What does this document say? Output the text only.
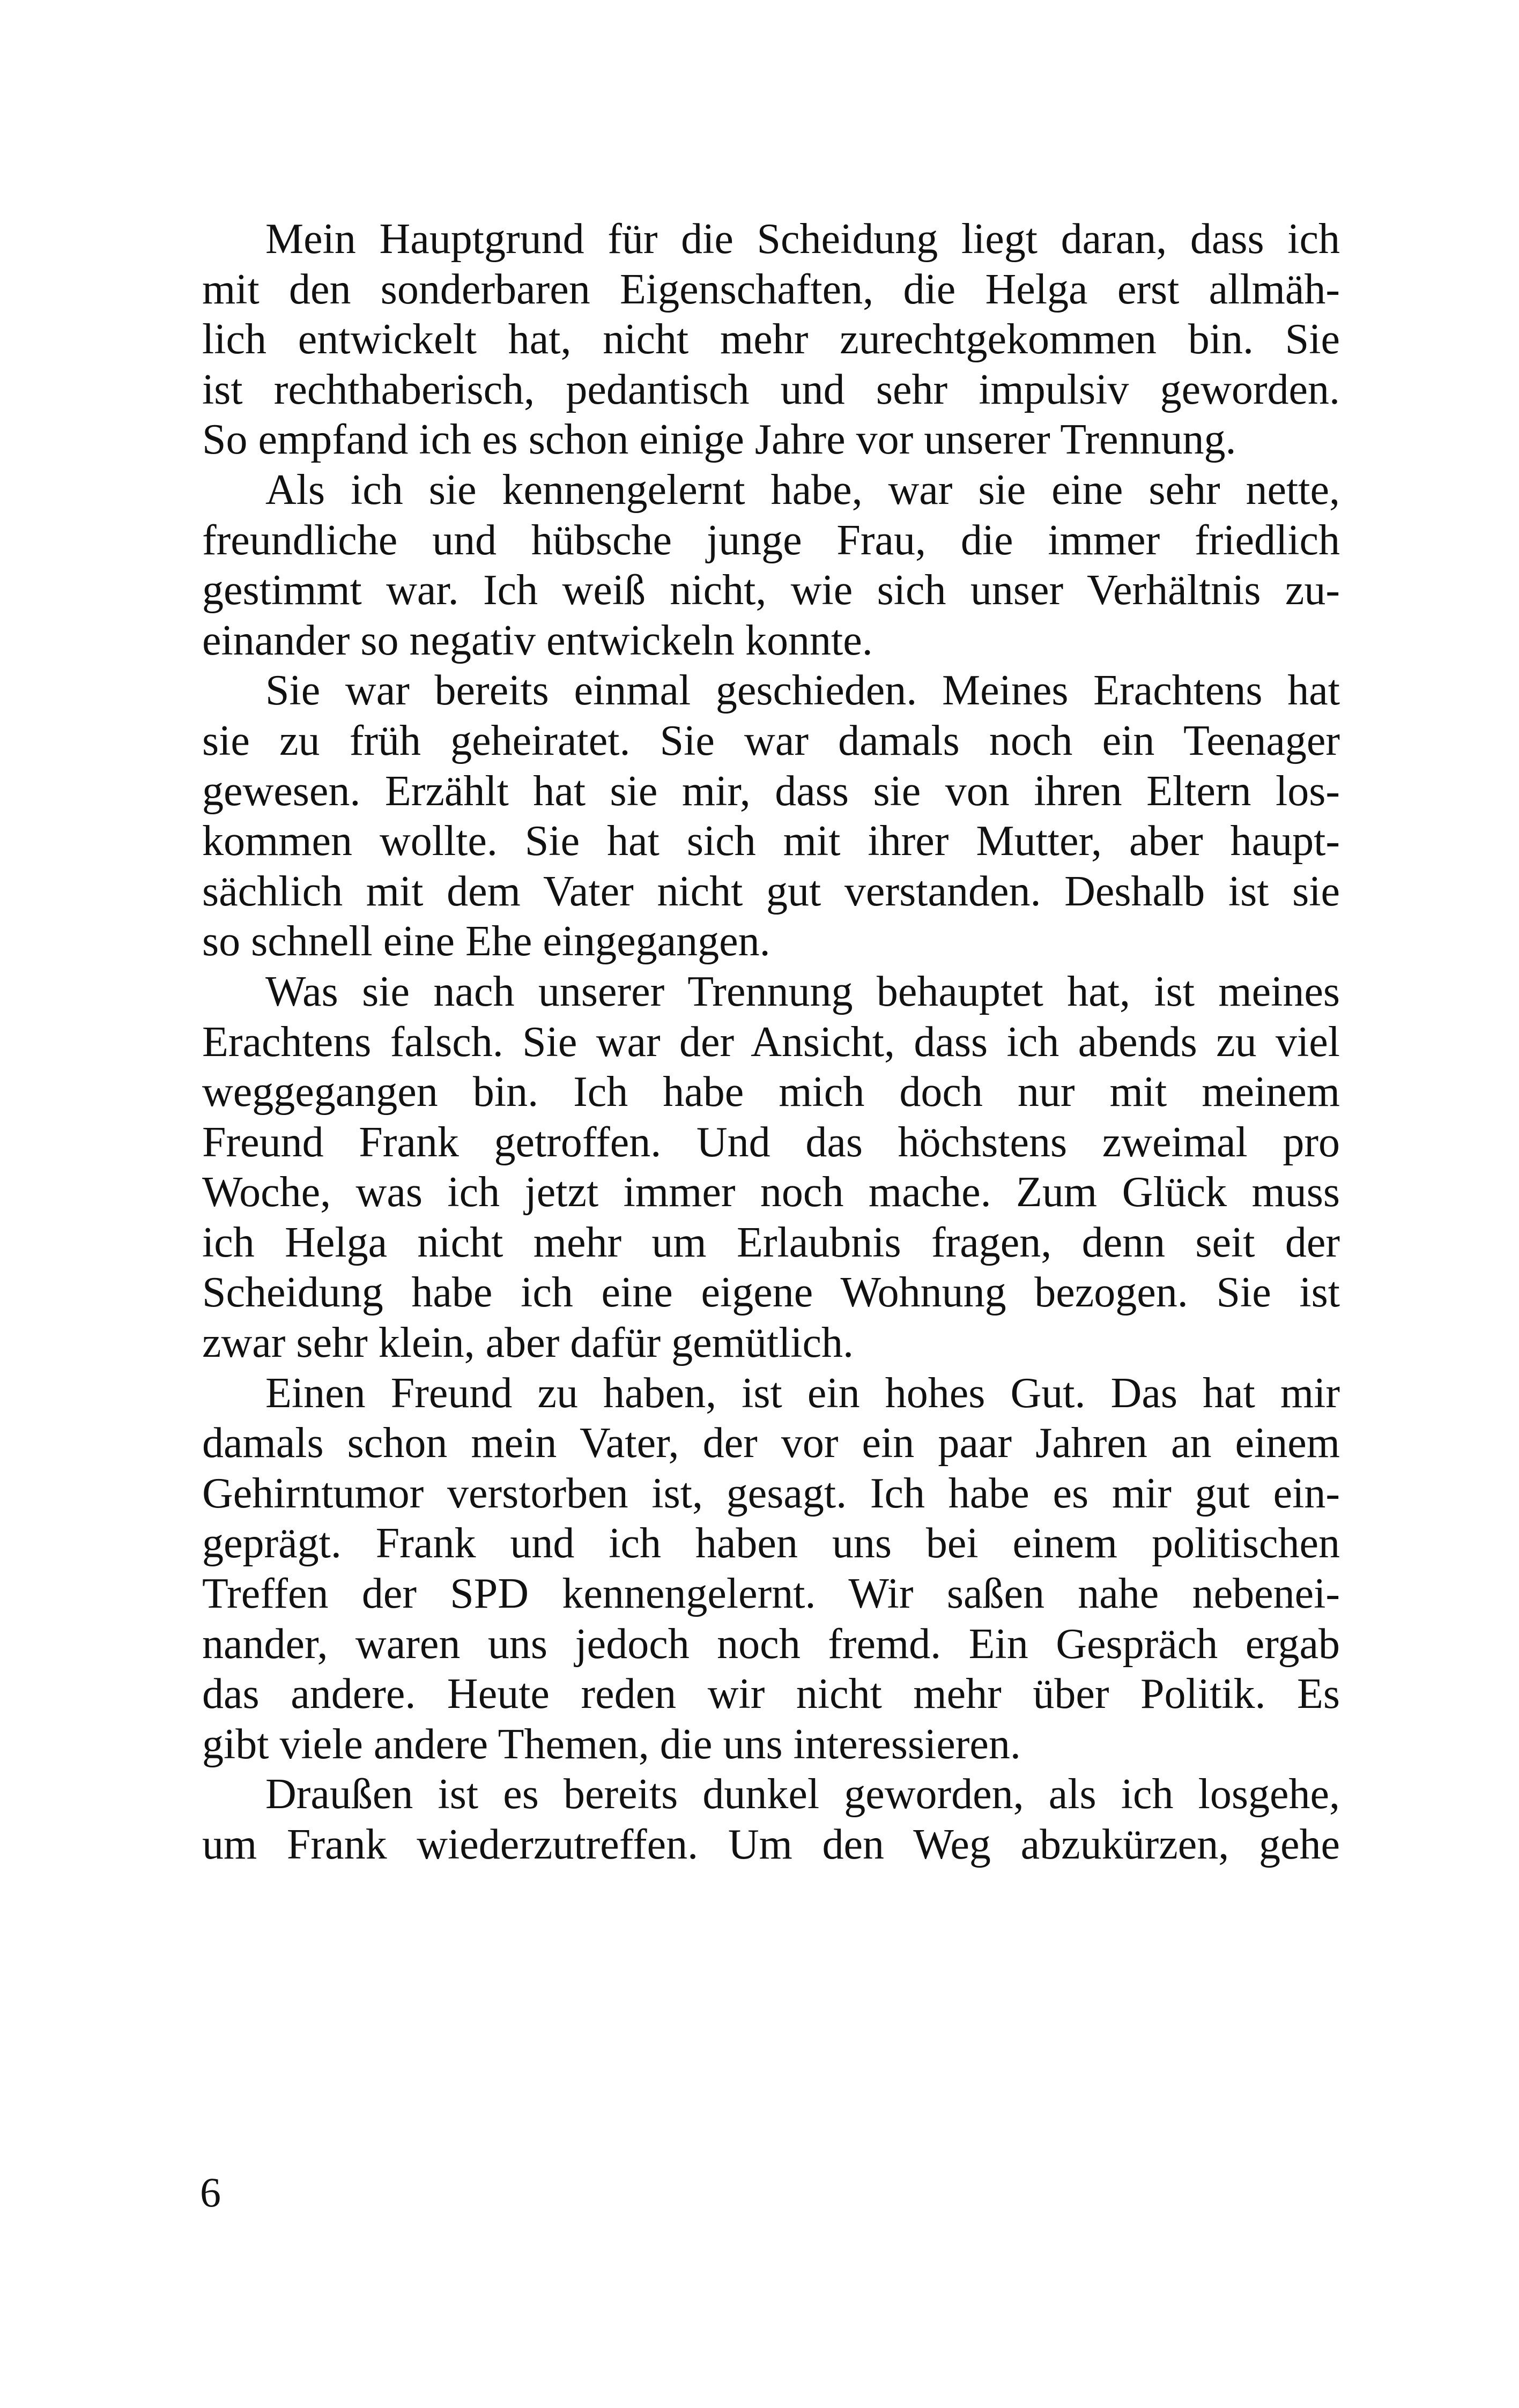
Mein Hauptgrund für die Scheidung liegt daran, dass ich
mit den sonderbaren Eigenschaften, die Helga erst allmäh-
lich entwickelt hat, nicht mehr zurechtgekommen bin. Sie
ist rechthaberisch, pedantisch und sehr impulsiv geworden.
So empfand ich es schon einige Jahre vor unserer Trennung.
Als ich sie kennengelernt habe, war sie eine sehr nette,
freundliche und hübsche junge Frau, die immer friedlich
gestimmt war. Ich weiß nicht, wie sich unser Verhältnis zu-
einander so negativ entwickeln konnte.
Sie war bereits einmal geschieden. Meines Erachtens hat
sie zu früh geheiratet. Sie war damals noch ein Teenager
gewesen. Erzählt hat sie mir, dass sie von ihren Eltern los-
kommen wollte. Sie hat sich mit ihrer Mutter, aber haupt-
sächlich mit dem Vater nicht gut verstanden. Deshalb ist sie
so schnell eine Ehe eingegangen.
Was sie nach unserer Trennung behauptet hat, ist meines
Erachtens falsch. Sie war der Ansicht, dass ich abends zu viel
weggegangen bin. Ich habe mich doch nur mit meinem
Freund Frank getroffen. Und das höchstens zweimal pro
Woche, was ich jetzt immer noch mache. Zum Glück muss
ich Helga nicht mehr um Erlaubnis fragen, denn seit der
Scheidung habe ich eine eigene Wohnung bezogen. Sie ist
zwar sehr klein, aber dafür gemütlich.
Einen Freund zu haben, ist ein hohes Gut. Das hat mir
damals schon mein Vater, der vor ein paar Jahren an einem
Gehirntumor verstorben ist, gesagt. Ich habe es mir gut ein-
geprägt. Frank und ich haben uns bei einem politischen
Treffen der SPD kennengelernt. Wir saßen nahe nebenei-
nander, waren uns jedoch noch fremd. Ein Gespräch ergab
das andere. Heute reden wir nicht mehr über Politik. Es
gibt viele andere Themen, die uns interessieren.
Draußen ist es bereits dunkel geworden, als ich losgehe,
um Frank wiederzutreffen. Um den Weg abzukürzen, gehe
6
